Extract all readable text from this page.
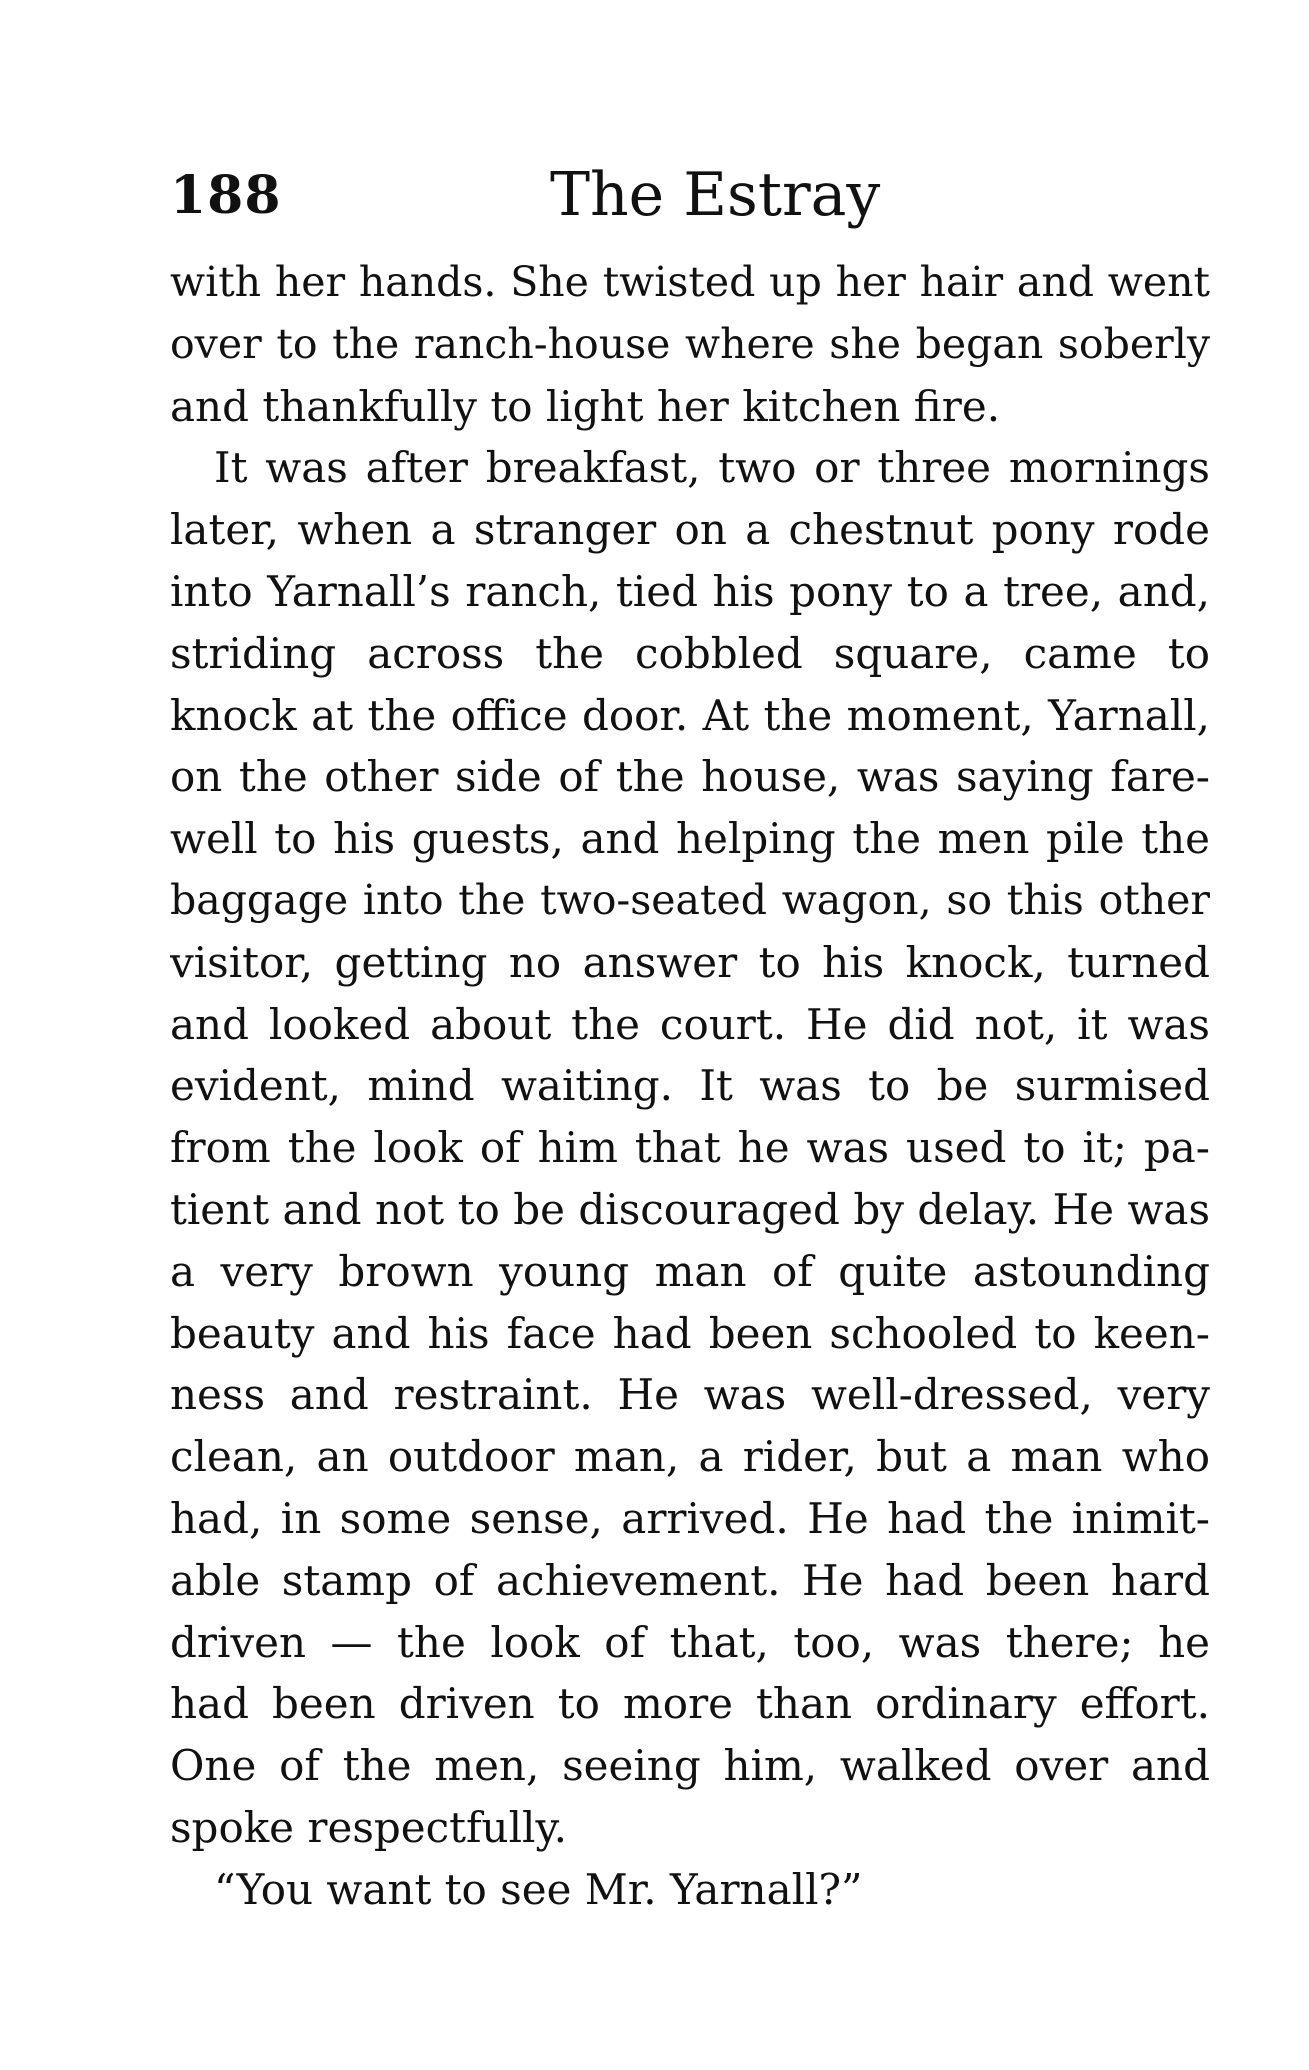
188	The Estray
with her hands. She twisted up her hair and went
over to the ranch-house where she began soberly
and thankfully to light her kitchen fire.
It was after breakfast, two or three mornings
later, when a stranger on a chestnut pony rode
into Yarnall’s ranch, tied his pony to a tree, and,
striding across the cobbled square, came to
knock at the office door. At the moment, Yarnall,
on the other side of the house, was saying fare-
well to his guests, and helping the men pile the
baggage into the two-seated wagon, so this other
visitor, getting no answer to his knock, turned
and looked about the court. He did not, it was
evident, mind waiting. It was to be surmised
from the look of him that he was used to it; pa-
tient and not to be discouraged by delay. He was
a very brown young man of quite astounding
beauty and his face had been schooled to keen-
ness and restraint. He was well-dressed, very
clean, an outdoor man, a rider, but a man who
had, in some sense, arrived. He had the inimit-
able stamp of achievement. He had been hard
driven — the look of that, too, was there; he
had been driven to more than ordinary effort.
One of the men, seeing him, walked over and
spoke respectfully.
“You want to see Mr. Yarnall?”
